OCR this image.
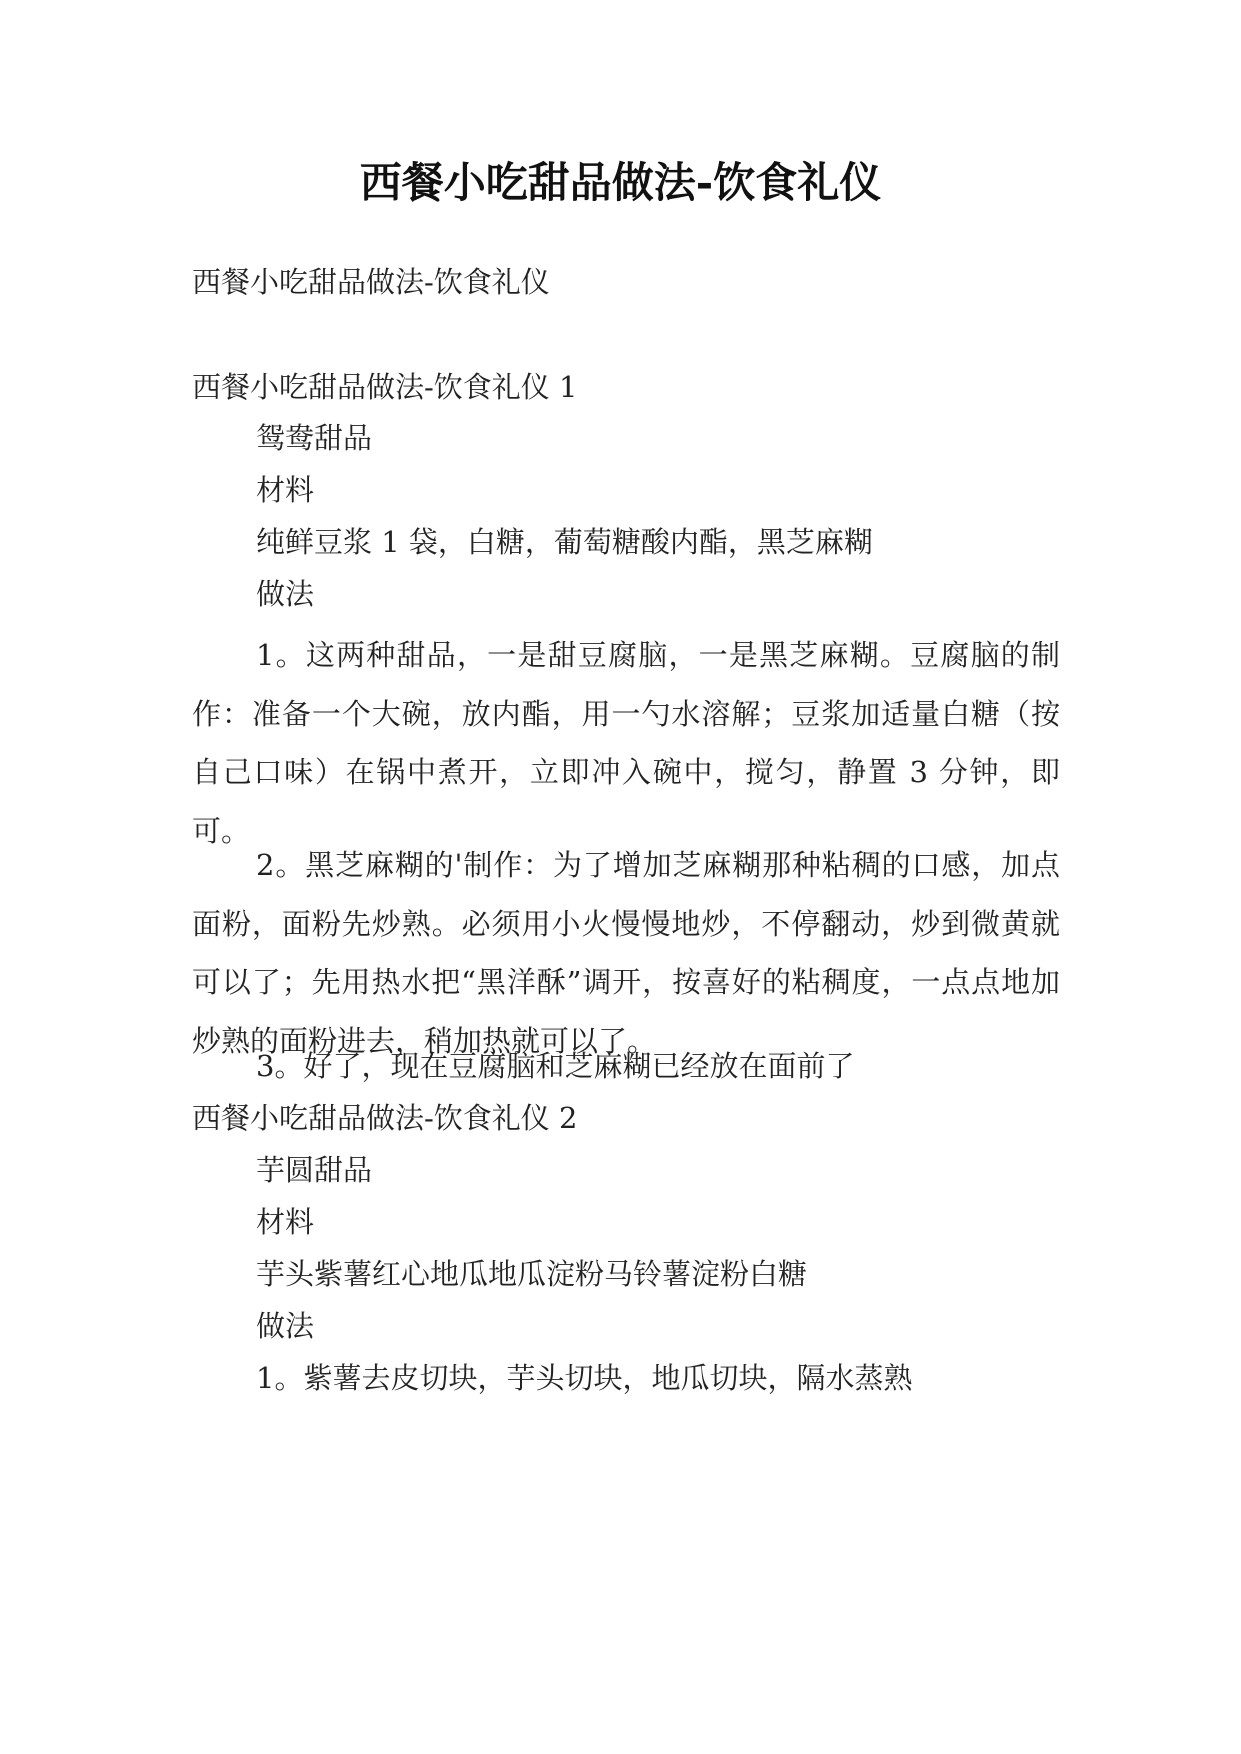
西餐小吃甜品做法-饮食礼仪
西餐小吃甜品做法-饮食礼仪
西餐小吃甜品做法-饮食礼仪 1
鸳鸯甜品
材料
纯鲜豆浆 1 袋，白糖，葡萄糖酸内酯，黑芝麻糊
做法

1。这两种甜品，一是甜豆腐脑，一是黑芝麻糊。豆腐脑的制作：准备一个大碗，放内酯，用一勺水溶解；豆浆加适量白糖（按自己口味）在锅中煮开，立即冲入碗中，搅匀，静置 3 分钟，即可。

2。黑芝麻糊的'制作：为了增加芝麻糊那种粘稠的口感，加点面粉，面粉先炒熟。必须用小火慢慢地炒，不停翻动，炒到微黄就可以了；先用热水把“黑洋酥”调开，按喜好的粘稠度，一点点地加炒熟的面粉进去，稍加热就可以了。

3。好了，现在豆腐脑和芝麻糊已经放在面前了
西餐小吃甜品做法-饮食礼仪 2
芋圆甜品
材料
芋头紫薯红心地瓜地瓜淀粉马铃薯淀粉白糖
做法
1。紫薯去皮切块，芋头切块，地瓜切块，隔水蒸熟
